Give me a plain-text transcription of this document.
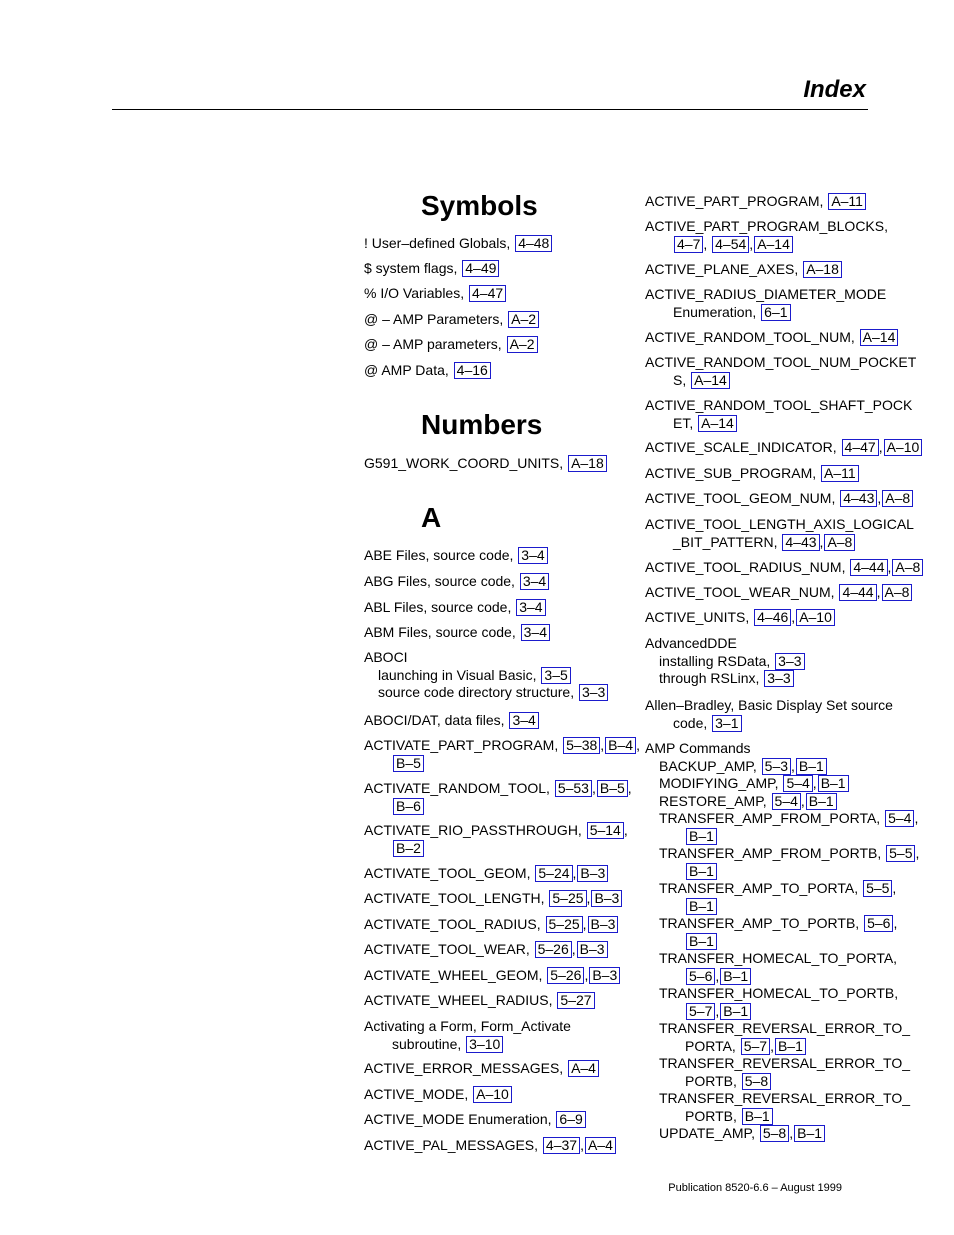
Index
Symbols
! User–defined Globals, 4–48
$ system flags, 4–49
% I/O Variables, 4–47
@ – AMP Parameters, A–2
@ – AMP parameters, A–2
@ AMP Data, 4–16
Numbers
G591_WORK_COORD_UNITS, A–18
A
ABE Files, source code, 3–4
ABG Files, source code, 3–4
ABL Files, source code, 3–4
ABM Files, source code, 3–4
ABOCI
launching in Visual Basic, 3–5
source code directory structure, 3–3
ABOCI/DAT, data files, 3–4
ACTIVATE_PART_PROGRAM, 5–38 , B–4 ,
B–5
ACTIVATE_RANDOM_TOOL, 5–53 , B–5 ,
B–6
ACTIVATE_RIO_PASSTHROUGH, 5–14 ,
B–2
ACTIVATE_TOOL_GEOM, 5–24 , B–3
ACTIVATE_TOOL_LENGTH, 5–25 , B–3
ACTIVATE_TOOL_RADIUS, 5–25 , B–3
ACTIVATE_TOOL_WEAR, 5–26 , B–3
ACTIVATE_WHEEL_GEOM, 5–26 , B–3
ACTIVATE_WHEEL_RADIUS, 5–27
Activating a Form, Form_Activate
subroutine, 3–10
ACTIVE_ERROR_MESSAGES, A–4
ACTIVE_MODE, A–10
ACTIVE_MODE Enumeration, 6–9
ACTIVE_PAL_MESSAGES, 4–37 , A–4
ACTIVE_PART_PROGRAM, A–11
ACTIVE_PART_PROGRAM_BLOCKS,
4–7 , 4–54 , A–14
ACTIVE_PLANE_AXES, A–18
ACTIVE_RADIUS_DIAMETER_MODE
Enumeration, 6–1
ACTIVE_RANDOM_TOOL_NUM, A–14
ACTIVE_RANDOM_TOOL_NUM_POCKET
S, A–14
ACTIVE_RANDOM_TOOL_SHAFT_POCK
ET, A–14
ACTIVE_SCALE_INDICATOR, 4–47 , A–10
ACTIVE_SUB_PROGRAM, A–11
ACTIVE_TOOL_GEOM_NUM, 4–43 , A–8
ACTIVE_TOOL_LENGTH_AXIS_LOGICAL
_BIT_PATTERN, 4–43 , A–8
ACTIVE_TOOL_RADIUS_NUM, 4–44 , A–8
ACTIVE_TOOL_WEAR_NUM, 4–44 , A–8
ACTIVE_UNITS, 4–46 , A–10
AdvancedDDE
installing RSData, 3–3
through RSLinx, 3–3
Allen–Bradley, Basic Display Set source
code, 3–1
AMP Commands
BACKUP_AMP, 5–3 , B–1
MODIFYING_AMP, 5–4 , B–1
RESTORE_AMP, 5–4 , B–1
TRANSFER_AMP_FROM_PORTA, 5–4 ,
B–1
TRANSFER_AMP_FROM_PORTB, 5–5 ,
B–1
TRANSFER_AMP_TO_PORTA, 5–5 ,
B–1
TRANSFER_AMP_TO_PORTB, 5–6 ,
B–1
TRANSFER_HOMECAL_TO_PORTA,
5–6 , B–1
TRANSFER_HOMECAL_TO_PORTB,
5–7 , B–1
TRANSFER_REVERSAL_ERROR_TO_
PORTA, 5–7 , B–1
TRANSFER_REVERSAL_ERROR_TO_
PORTB, 5–8
TRANSFER_REVERSAL_ERROR_TO_
PORTB, B–1
UPDATE_AMP, 5–8 , B–1
Publication 8520-6.6 – August 1999
